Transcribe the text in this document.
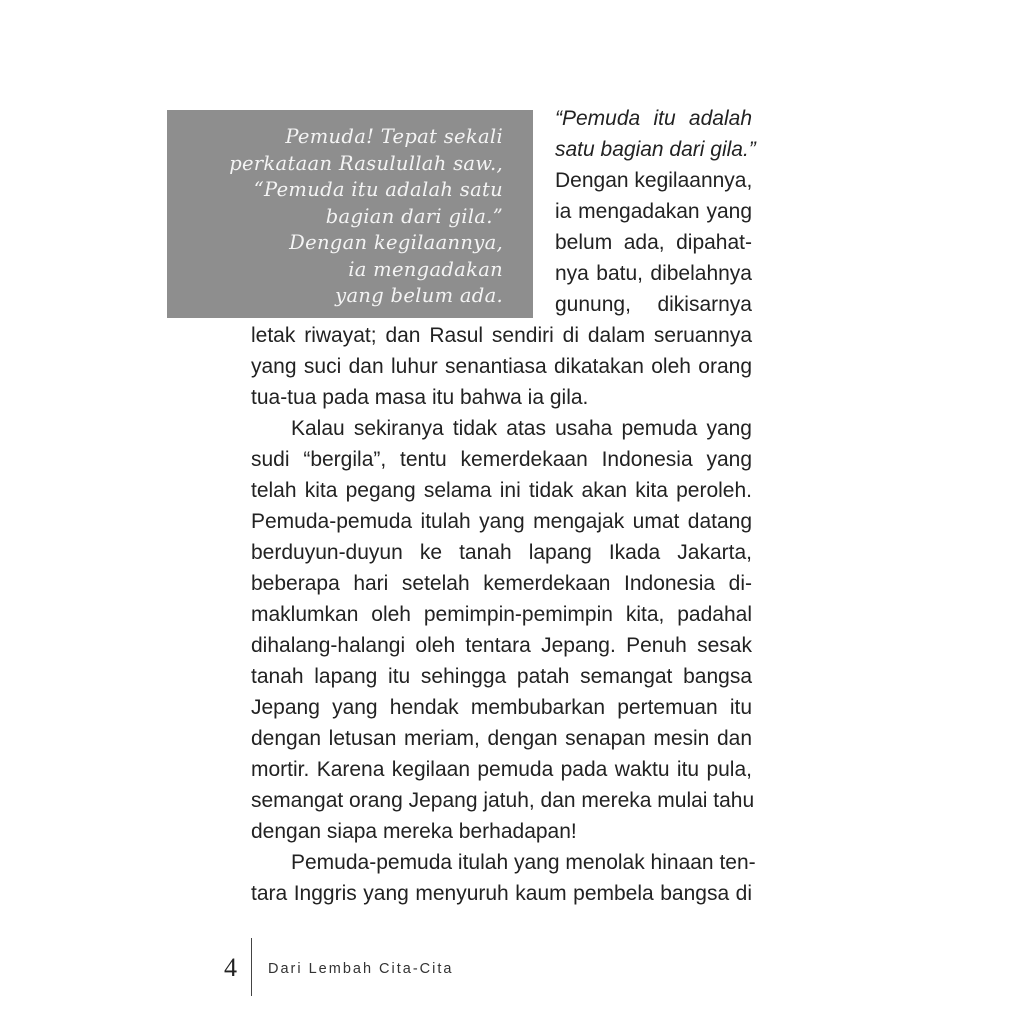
Pemuda! Tepat sekali
perkataan Rasulullah saw.,
“Pemuda itu adalah satu
bagian dari gila.”
Dengan kegilaannya,
ia mengadakan
yang belum ada.
“Pemuda itu adalah
satu bagian dari gila.”
Dengan kegilaannya,
ia mengadakan yang
belum ada, dipahat-
nya batu, dibelahnya
gunung, dikisarnya
letak riwayat; dan Rasul sendiri di dalam seruannya
yang suci dan luhur senantiasa dikatakan oleh orang
tua-tua pada masa itu bahwa ia gila.
Kalau sekiranya tidak atas usaha pemuda yang
sudi “bergila”, tentu kemerdekaan Indonesia yang
telah kita pegang selama ini tidak akan kita peroleh.
Pemuda-pemuda itulah yang mengajak umat datang
berduyun-duyun ke tanah lapang Ikada Jakarta,
beberapa hari setelah kemerdekaan Indonesia di-
maklumkan oleh pemimpin-pemimpin kita, padahal
dihalang-halangi oleh tentara Jepang. Penuh sesak
tanah lapang itu sehingga patah semangat bangsa
Jepang yang hendak membubarkan pertemuan itu
dengan letusan meriam, dengan senapan mesin dan
mortir. Karena kegilaan pemuda pada waktu itu pula,
semangat orang Jepang jatuh, dan mereka mulai tahu
dengan siapa mereka berhadapan!
Pemuda-pemuda itulah yang menolak hinaan ten-
tara Inggris yang menyuruh kaum pembela bangsa di
4 Dari Lembah Cita-Cita
